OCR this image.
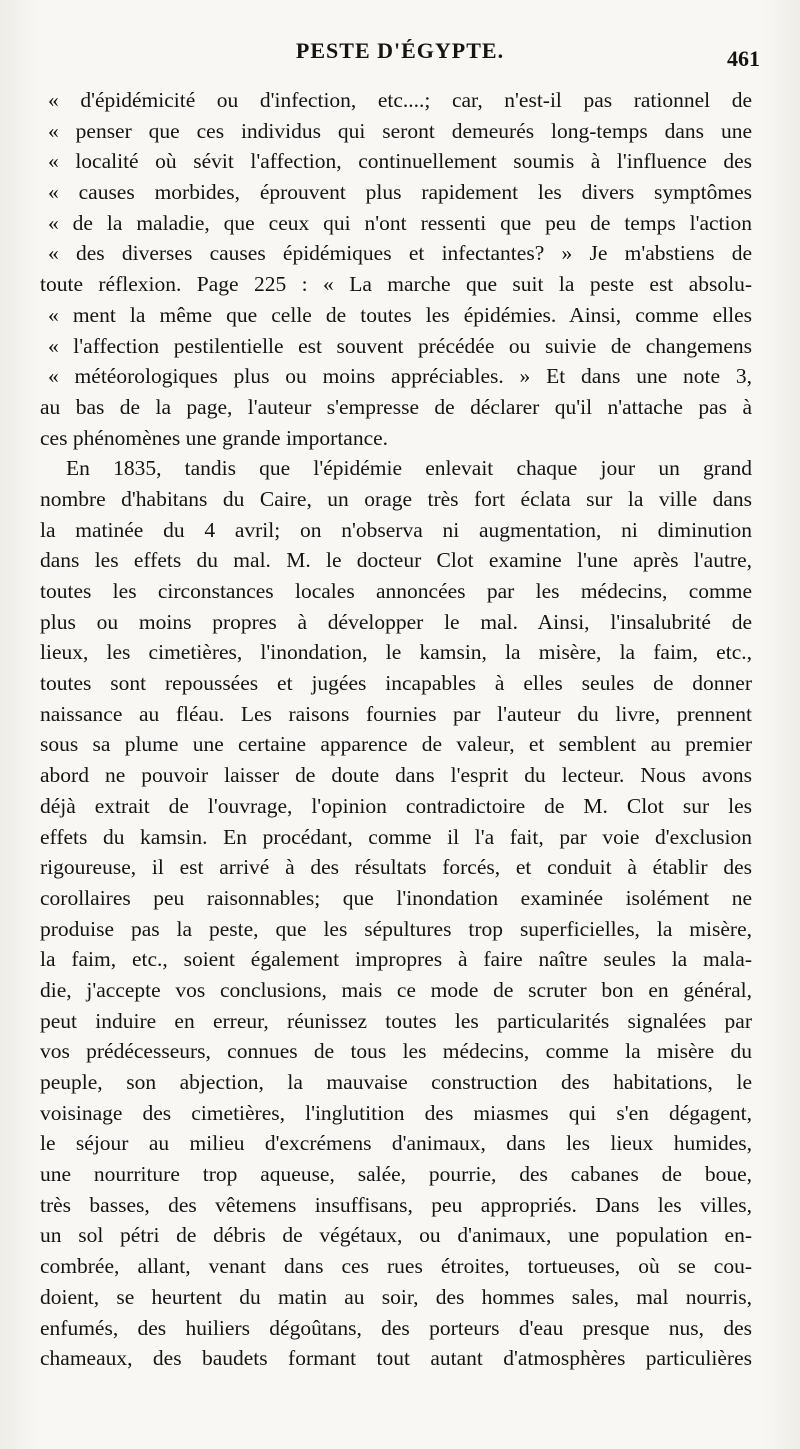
PESTE D'ÉGYPTE.	461
« d'épidémicité ou d'infection, etc....; car, n'est-il pas rationnel de
« penser que ces individus qui seront demeurés long-temps dans une
« localité où sévit l'affection, continuellement soumis à l'influence des
« causes morbides, éprouvent plus rapidement les divers symptômes
« de la maladie, que ceux qui n'ont ressenti que peu de temps l'action
« des diverses causes épidémiques et infectantes? » Je m'abstiens de
toute réflexion. Page 225 : « La marche que suit la peste est absolu-
« ment la même que celle de toutes les épidémies. Ainsi, comme elles
« l'affection pestilentielle est souvent précédée ou suivie de changemens
« météorologiques plus ou moins appréciables. » Et dans une note 3,
au bas de la page, l'auteur s'empresse de déclarer qu'il n'attache pas à
ces phénomènes une grande importance.
En 1835, tandis que l'épidémie enlevait chaque jour un grand
nombre d'habitans du Caire, un orage très fort éclata sur la ville dans
la matinée du 4 avril; on n'observa ni augmentation, ni diminution
dans les effets du mal. M. le docteur Clot examine l'une après l'autre,
toutes les circonstances locales annoncées par les médecins, comme
plus ou moins propres à développer le mal. Ainsi, l'insalubrité de
lieux, les cimetières, l'inondation, le kamsin, la misère, la faim, etc.,
toutes sont repoussées et jugées incapables à elles seules de donner
naissance au fléau. Les raisons fournies par l'auteur du livre, prennent
sous sa plume une certaine apparence de valeur, et semblent au premier
abord ne pouvoir laisser de doute dans l'esprit du lecteur. Nous avons
déjà extrait de l'ouvrage, l'opinion contradictoire de M. Clot sur les
effets du kamsin. En procédant, comme il l'a fait, par voie d'exclusion
rigoureuse, il est arrivé à des résultats forcés, et conduit à établir des
corollaires peu raisonnables; que l'inondation examinée isolément ne
produise pas la peste, que les sépultures trop superficielles, la misère,
la faim, etc., soient également impropres à faire naître seules la mala-
die, j'accepte vos conclusions, mais ce mode de scruter bon en général,
peut induire en erreur, réunissez toutes les particularités signalées par
vos prédécesseurs, connues de tous les médecins, comme la misère du
peuple, son abjection, la mauvaise construction des habitations, le
voisinage des cimetières, l'inglutition des miasmes qui s'en dégagent,
le séjour au milieu d'excrémens d'animaux, dans les lieux humides,
une nourriture trop aqueuse, salée, pourrie, des cabanes de boue,
très basses, des vêtemens insuffisans, peu appropriés. Dans les villes,
un sol pétri de débris de végétaux, ou d'animaux, une population en-
combrée, allant, venant dans ces rues étroites, tortueuses, où se cou-
doient, se heurtent du matin au soir, des hommes sales, mal nourris,
enfumés, des huiliers dégoûtans, des porteurs d'eau presque nus, des
chameaux, des baudets formant tout autant d'atmosphères particulières
